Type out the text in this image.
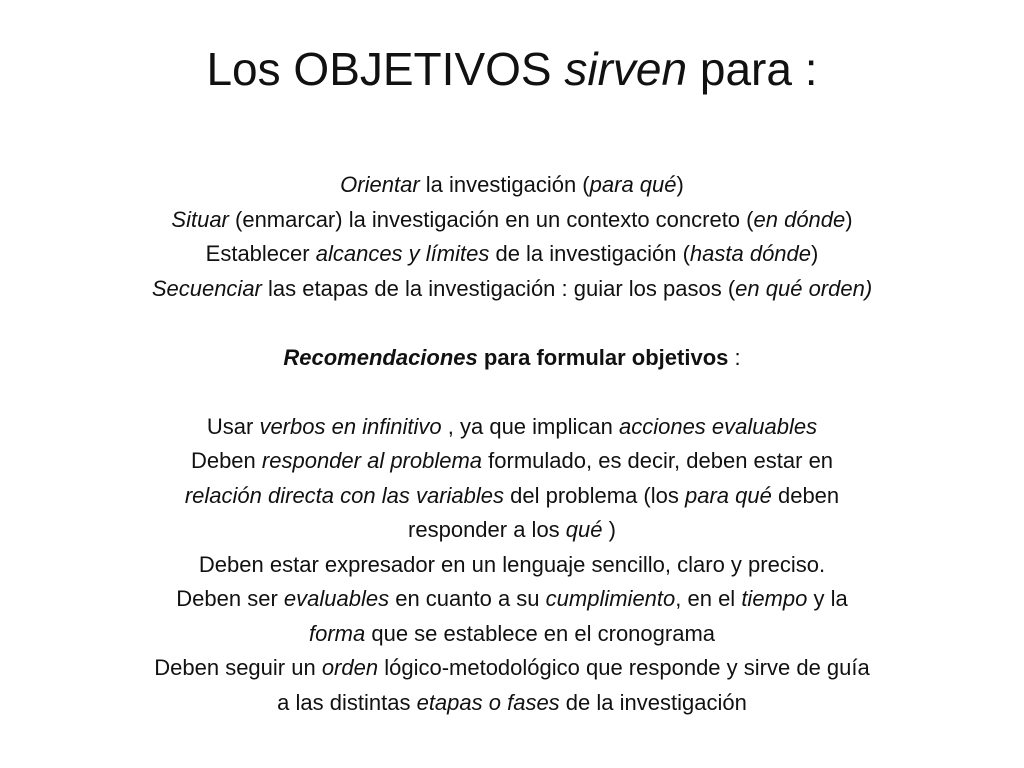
Los OBJETIVOS sirven para :
Orientar la investigación (para qué)
Situar (enmarcar) la investigación en un contexto concreto (en dónde)
Establecer alcances y límites de la investigación (hasta dónde)
Secuenciar las etapas de la investigación : guiar los pasos (en qué orden)
Recomendaciones para formular objetivos :
Usar verbos en infinitivo , ya que implican acciones evaluables
Deben responder al problema formulado, es decir, deben estar en
relación directa con las variables del problema (los para qué deben
responder a los qué )
Deben estar expresador en un lenguaje sencillo, claro y preciso.
Deben ser evaluables en cuanto a su cumplimiento, en el tiempo y la
forma que se establece en el cronograma
Deben seguir un orden lógico-metodológico que responde y sirve de guía
a las distintas etapas o fases de la investigación
